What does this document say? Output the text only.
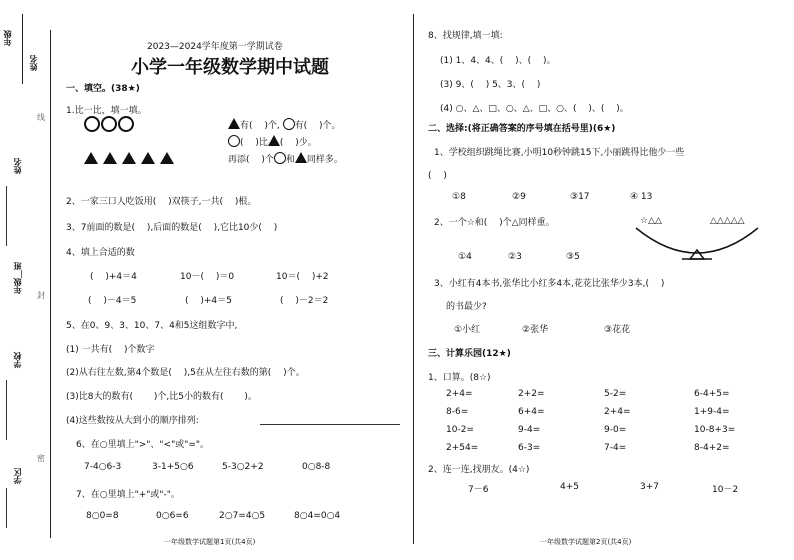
年级
姓名
姓名
年级＿班
学校
学区
线
封
密
2023—2024学年度第一学期试卷
小学一年级数学期中试题
一、填空。(38★)
1.比一比，填一填。
有(　 )个, 有(　 )个。
(　 )比 (　 )少。
再添(　 )个 和 同样多。
2、一家三口人吃饭用(　 )双筷子,一共(　 )根。
3、7前面的数是(　 ),后面的数是(　 ),它比10少(　 )
4、填上合适的数
(　 )+4＝4	10－(　 )＝0	10＝(　 )+2
(　 )－4＝5	(　 )+4＝5	(　 )－2＝2
5、在0、9、3、10、7、4和5这组数字中,
(1) 一共有(　 )个数字
(2)从右往左数,第4个数是(　 ),5在从左往右数的第(　 )个。
(3)比8大的数有(　　 )个,比5小的数有(　　 )。
(4)这些数按从大到小的顺序排列:
6、在○里填上">"、"<"或"="。
7-4○6-3	3-1+5○6	5-3○2+2	0○8-8
7、在○里填上"+"或"-"。
8○0=8	0○6=6	2○7=4○5	8○4=0○4
一年级数学试题第1页(共4页)
8、找规律,填一填:
(1) 1、4、4、(　 )、(　 )。
(3) 9、(　 ) 5、3、(　 )
(4) ○、△、□、○、△、□、○、(　 )、(　 )。
二、选择:(将正确答案的序号填在括号里)(6★)
1、学校组织跳绳比赛,小明10秒钟跳15下,小丽跳得比他少一些
(　 )
①8	②9	③17	④ 13
2、一个☆和(　 )个△同样重。	☆△△	△△△△△
①4	②3	③5
3、小红有4本书,张华比小红多4本,花花比张华少3本,(　 )
的书最少?
①小红	②张华	③花花
三、计算乐园(12★)
1、口算。(8☆)
2+4=	2+2=	5-2=	6-4+5=
8-6=	6+4=	2+4=	1+9-4=
10-2=	9-4=	9-0=	10-8+3=
2+54=	6-3=	7-4=	8-4+2=
2、连一连,找朋友。(4☆)
7－6	4+5	3+7	10－2
一年级数学试题第2页(共4页)
